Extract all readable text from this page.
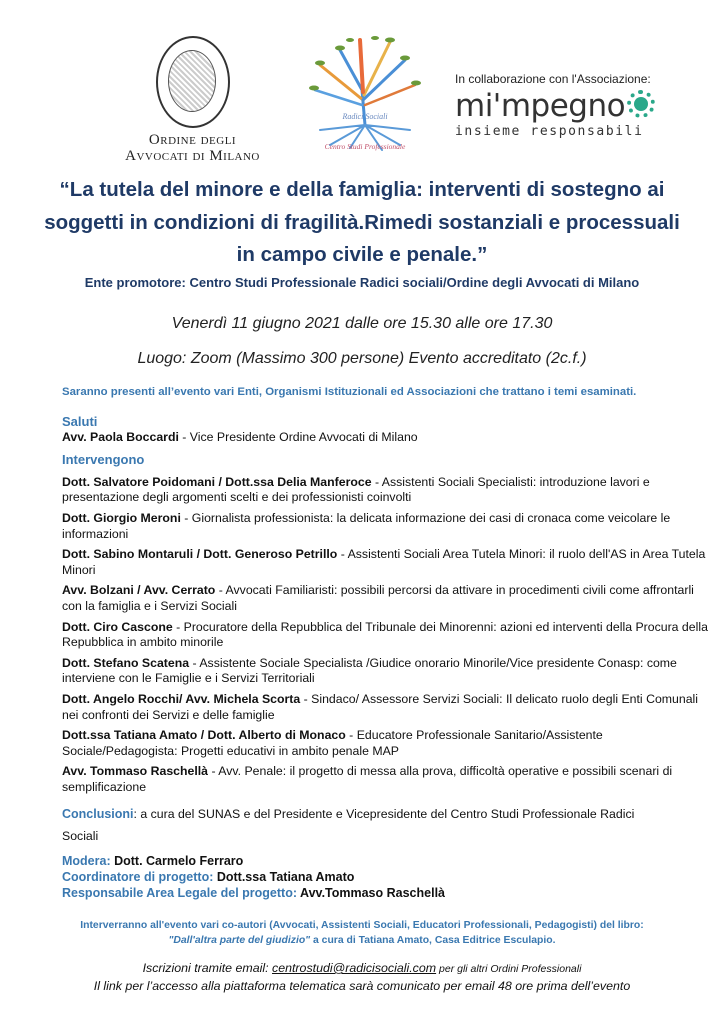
Ordine degli
Avvocati di Milano
Radici Sociali
Centro Studi Professionale
In collaborazione con l'Associazione:
mi'mpegno
insieme responsabili
“La tutela del minore e della famiglia: interventi di sostegno ai
soggetti in condizioni di fragilità.Rimedi sostanziali e processuali
in campo civile e penale.”
Ente promotore: Centro Studi Professionale Radici sociali/Ordine degli Avvocati di Milano
Venerdì 11 giugno 2021 dalle ore 15.30 alle ore 17.30
Luogo: Zoom (Massimo 300 persone) Evento accreditato (2c.f.)
Saranno presenti all’evento vari Enti, Organismi Istituzionali ed Associazioni che trattano i temi esaminati.
Saluti
Avv. Paola Boccardi - Vice Presidente Ordine Avvocati di Milano
Intervengono
Dott. Salvatore Poidomani / Dott.ssa Delia Manferoce - Assistenti Sociali Specialisti: introduzione lavori e presentazione degli argomenti scelti e dei professionisti coinvolti
Dott. Giorgio Meroni - Giornalista professionista: la delicata informazione dei casi di cronaca come veicolare le informazioni
Dott. Sabino Montaruli / Dott. Generoso Petrillo - Assistenti Sociali Area Tutela Minori: il ruolo dell'AS in Area Tutela Minori
Avv. Bolzani / Avv. Cerrato - Avvocati Familiaristi: possibili percorsi da attivare in procedimenti civili come affrontarli con la famiglia e i Servizi Sociali
Dott. Ciro Cascone - Procuratore della Repubblica del Tribunale dei Minorenni: azioni ed interventi della Procura della Repubblica in ambito minorile
Dott. Stefano Scatena - Assistente Sociale Specialista /Giudice onorario Minorile/Vice presidente Conasp: come interviene con le Famiglie e i Servizi Territoriali
Dott. Angelo Rocchi/ Avv. Michela Scorta - Sindaco/ Assessore Servizi Sociali: Il delicato ruolo degli Enti Comunali nei confronti dei Servizi e delle famiglie
Dott.ssa Tatiana Amato / Dott. Alberto di Monaco - Educatore Professionale Sanitario/Assistente Sociale/Pedagogista: Progetti educativi in ambito penale MAP
Avv. Tommaso Raschellà - Avv. Penale: il progetto di messa alla prova, difficoltà operative e possibili scenari di semplificazione
Conclusioni: a cura del SUNAS e del Presidente e Vicepresidente del Centro Studi Professionale Radici Sociali
Modera: Dott. Carmelo Ferraro
Coordinatore di progetto: Dott.ssa Tatiana Amato
Responsabile Area Legale del progetto: Avv.Tommaso Raschellà
Interverranno all'evento vari co-autori (Avvocati, Assistenti Sociali, Educatori Professionali, Pedagogisti) del libro:
"Dall'altra parte del giudizio" a cura di Tatiana Amato, Casa Editrice Esculapio.
Iscrizioni tramite email: centrostudi@radicisociali.com per gli altri Ordini Professionali
Il link per l’accesso alla piattaforma telematica sarà comunicato per email 48 ore prima dell’evento
